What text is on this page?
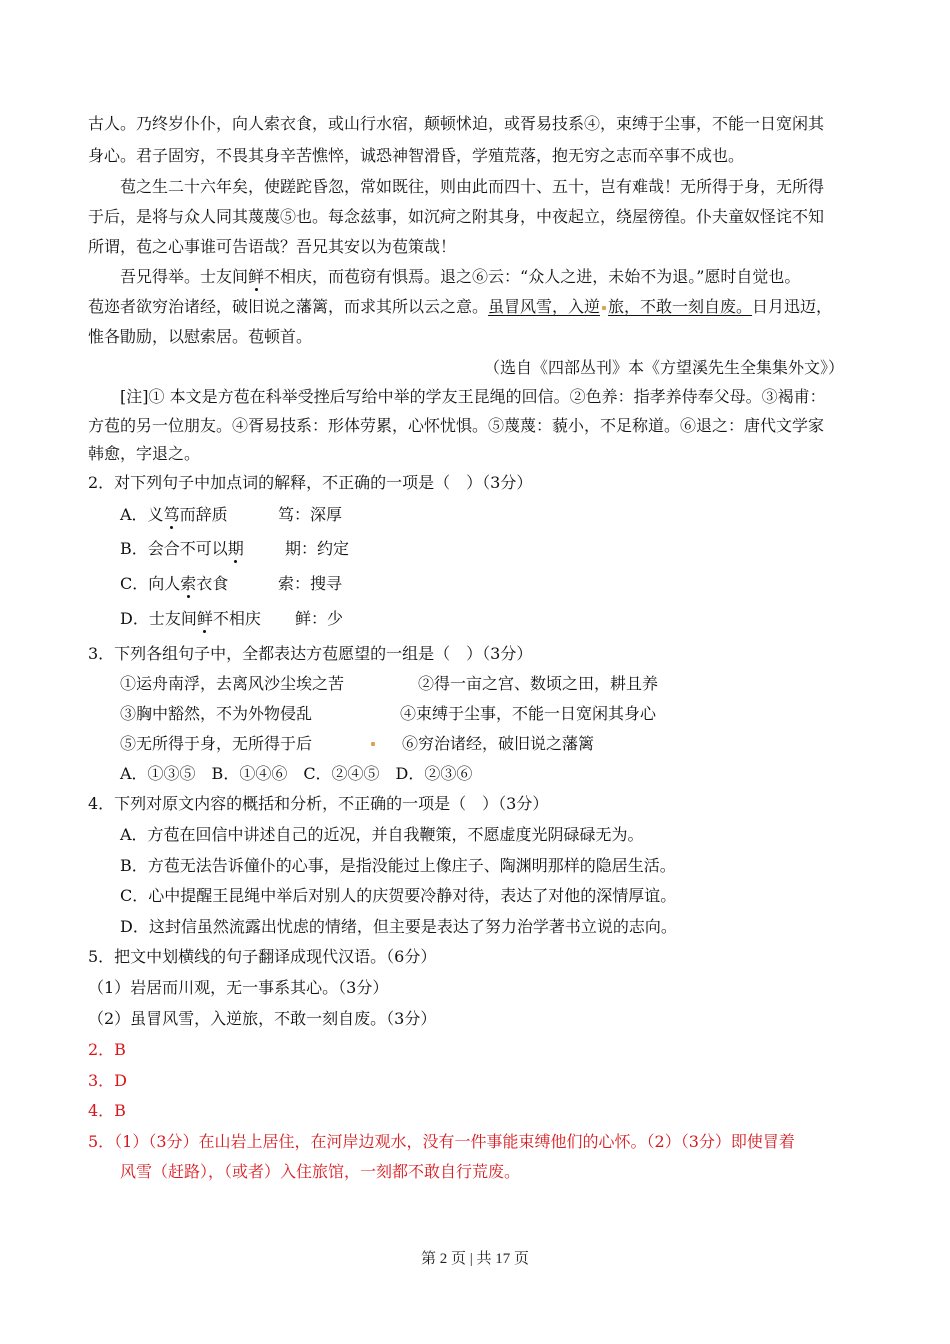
古人。乃终岁仆仆，向人索衣食，或山行水宿，颠顿怵迫，或胥易技系④，束缚于尘事，不能一日宽闲其
身心。君子固穷，不畏其身辛苦憔悴，诚恐神智滑昏，学殖荒落，抱无穷之志而卒事不成也。
苞之生二十六年矣，使蹉跎昏忽，常如既往，则由此而四十、五十，岂有难哉！无所得于身，无所得
于后，是将与众人同其蔑蔑⑤也。每念兹事，如沉疴之附其身，中夜起立，绕屋徬徨。仆夫童奴怪诧不知
所谓，苞之心事谁可告语哉？吾兄其安以为苞策哉！
吾兄得举。士友间鲜不相庆，而苞窃有惧焉。退之⑥云：“众人之进，未始不为退。”愿时自觉也。
苞迩者欲穷治诸经，破旧说之藩篱，而求其所以云之意。虽冒风雪，入逆 旅，不敢一刻自废。日月迅迈，
惟各勖励，以慰索居。苞顿首。
（选自《四部丛刊》本《方望溪先生全集集外文》）
[注]① 本文是方苞在科举受挫后写给中举的学友王昆绳的回信。②色养：指孝养侍奉父母。③褐甫：
方苞的另一位朋友。④胥易技系：形体劳累，心怀忧惧。⑤蔑蔑：藐小，不足称道。⑥退之：唐代文学家
韩愈，字退之。
2．对下列句子中加点词的解释，不正确的一项是（　）（3分）
A．义笃而辞质	笃：深厚
B．会合不可以期	期：约定
C．向人索衣食	索：搜寻
D．士友间鲜不相庆 鲜：少
3．下列各组句子中，全都表达方苞愿望的一组是（　）（3分）
①运舟南浮，去离风沙尘埃之苦	②得一亩之宫、数顷之田，耕且养
③胸中豁然，不为外物侵乱	④束缚于尘事，不能一日宽闲其身心
⑤无所得于身，无所得于后	⑥穷治诸经，破旧说之藩篱
A．①③⑤　B．①④⑥　C．②④⑤　D．②③⑥
4．下列对原文内容的概括和分析，不正确的一项是（　）（3分）
A．方苞在回信中讲述自己的近况，并自我鞭策，不愿虚度光阴碌碌无为。
B．方苞无法告诉僮仆的心事，是指没能过上像庄子、陶渊明那样的隐居生活。
C．心中提醒王昆绳中举后对别人的庆贺要冷静对待，表达了对他的深情厚谊。
D．这封信虽然流露出忧虑的情绪，但主要是表达了努力治学著书立说的志向。
5．把文中划横线的句子翻译成现代汉语。（6分）
（1）岩居而川观，无一事系其心。（3分）
（2）虽冒风雪，入逆旅，不敢一刻自废。（3分）
2．B
3．D
4．B
5．（1）（3分）在山岩上居住，在河岸边观水，没有一件事能束缚他们的心怀。（2）（3分）即使冒着
风雪（赶路），（或者）入住旅馆，一刻都不敢自行荒废。
第 2 页 | 共 17 页
